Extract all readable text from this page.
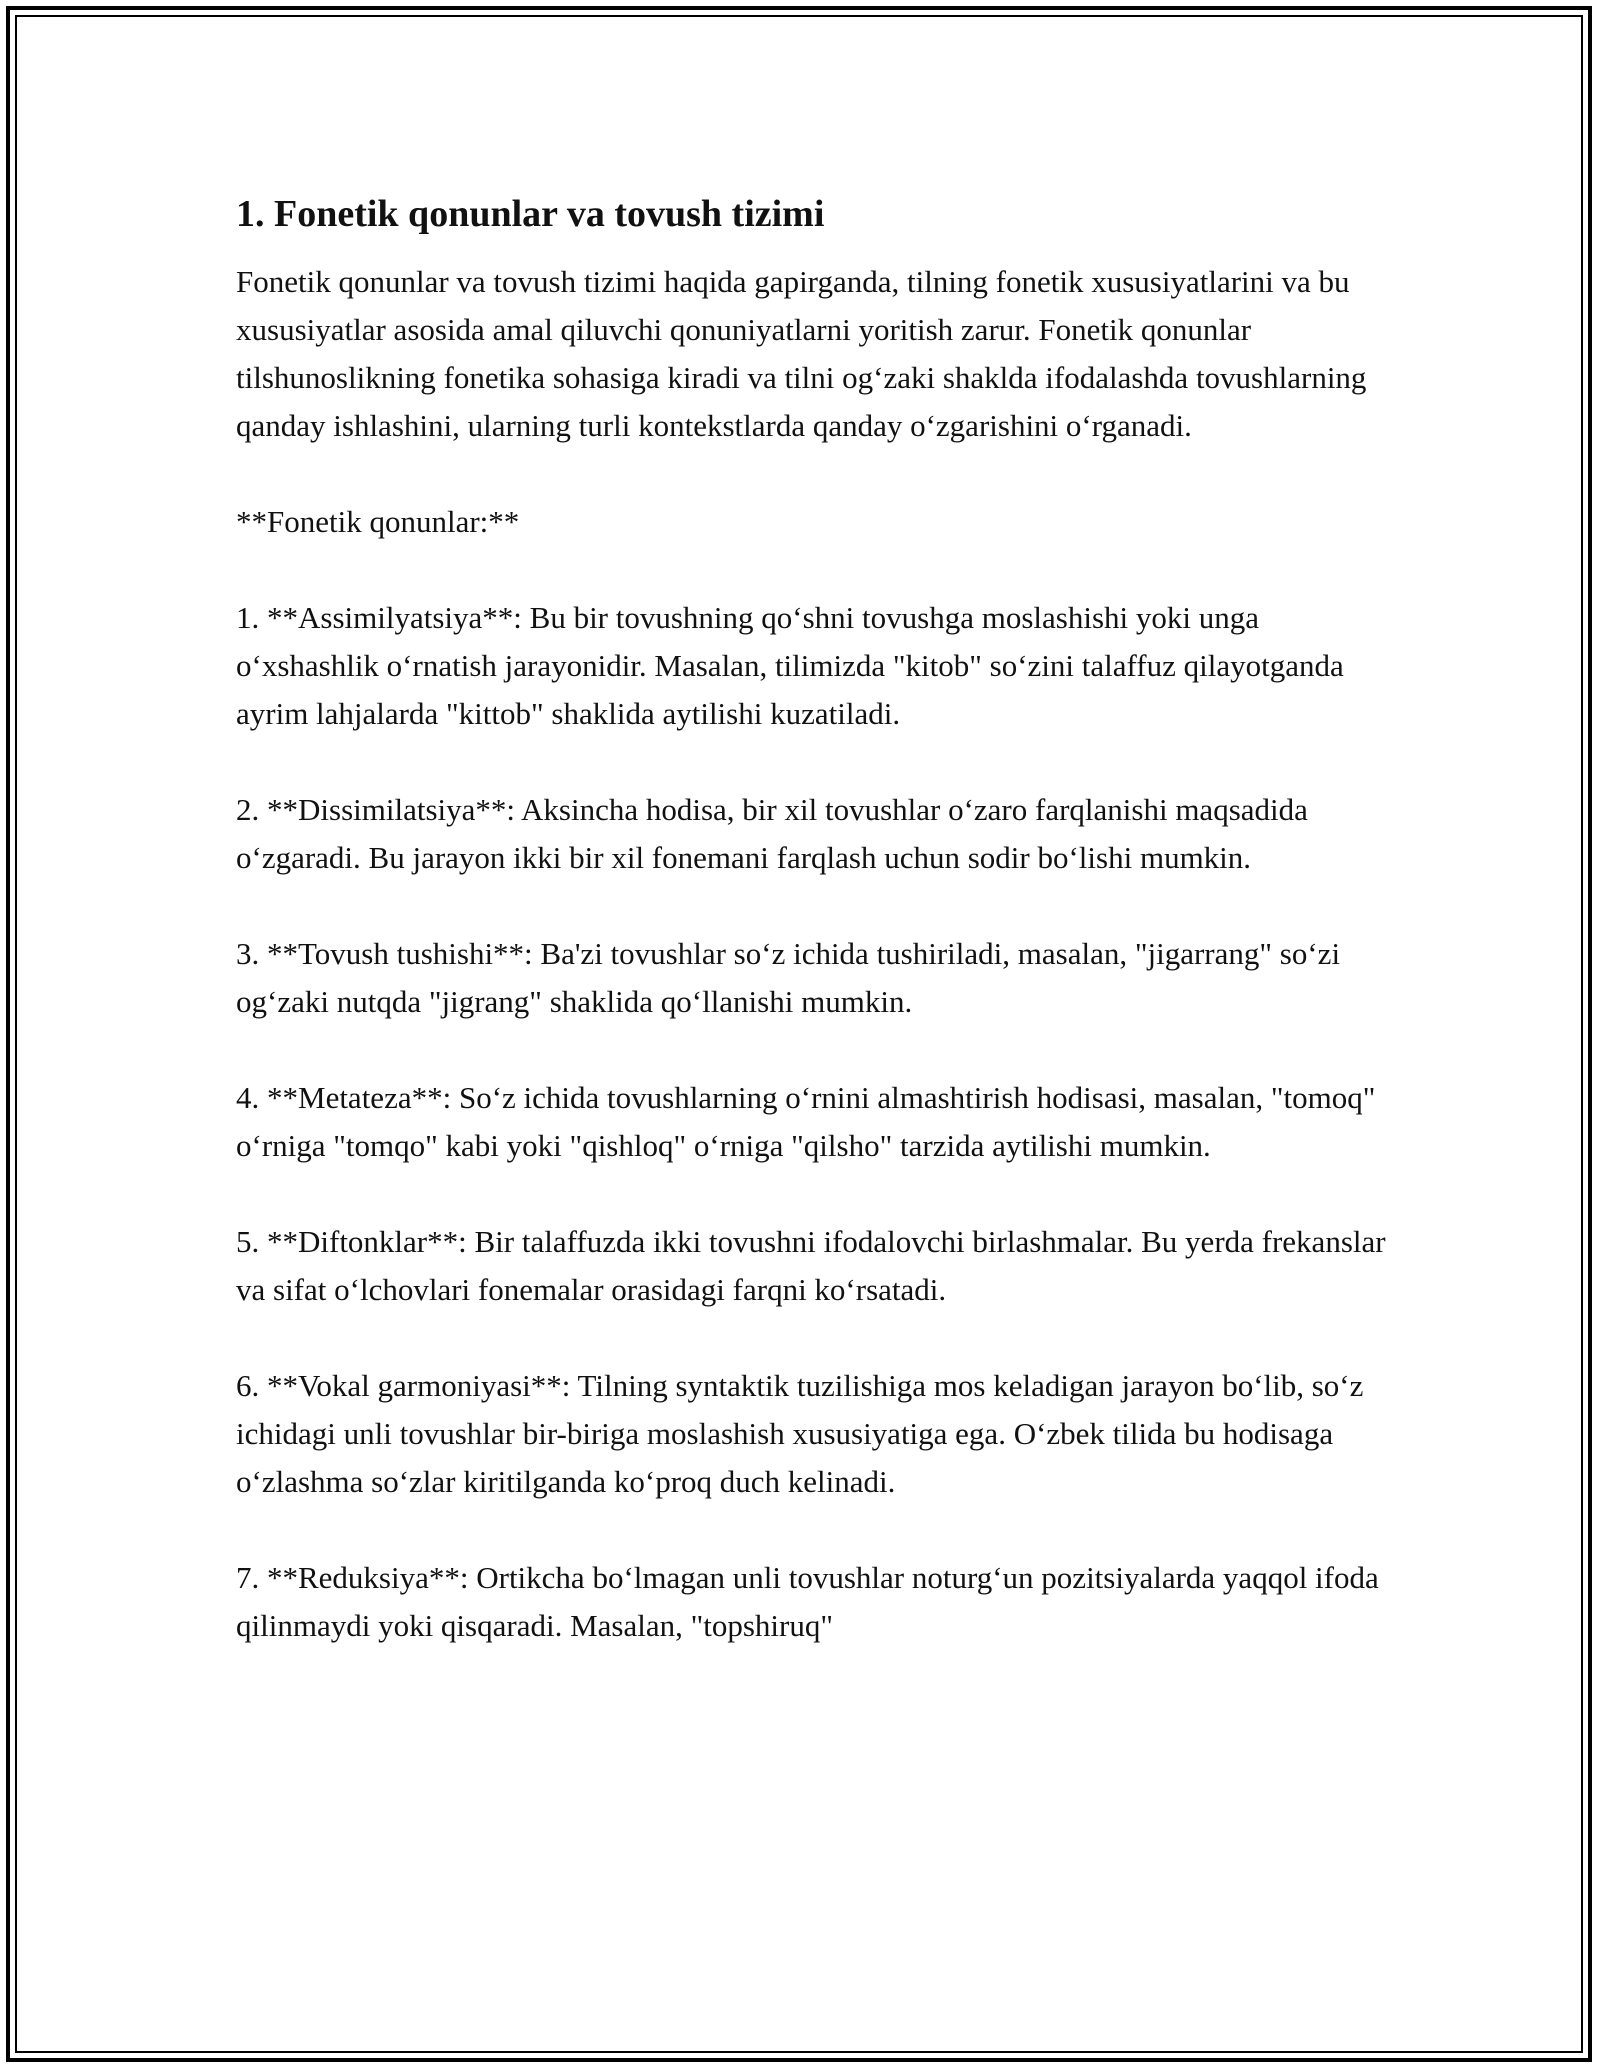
1. Fonetik qonunlar va tovush tizimi

Fonetik qonunlar va tovush tizimi haqida gapirganda, tilning fonetik xususiyatlarini va bu xususiyatlar asosida amal qiluvchi qonuniyatlarni yoritish zarur. Fonetik qonunlar tilshunoslikning fonetika sohasiga kiradi va tilni og‘zaki shaklda ifodalashda tovushlarning qanday ishlashini, ularning turli kontekstlarda qanday o‘zgarishini o‘rganadi.

**Fonetik qonunlar:**

1. **Assimilyatsiya**: Bu bir tovushning qo‘shni tovushga moslashishi yoki unga o‘xshashlik o‘rnatish jarayonidir. Masalan, tilimizda "kitob" so‘zini talaffuz qilayotganda ayrim lahjalarda "kittob" shaklida aytilishi kuzatiladi.

2. **Dissimilatsiya**: Aksincha hodisa, bir xil tovushlar o‘zaro farqlanishi maqsadida o‘zgaradi. Bu jarayon ikki bir xil fonemani farqlash uchun sodir bo‘lishi mumkin.

3. **Tovush tushishi**: Ba'zi tovushlar so‘z ichida tushiriladi, masalan, "jigarrang" so‘zi og‘zaki nutqda "jigrang" shaklida qo‘llanishi mumkin.

4. **Metateza**: So‘z ichida tovushlarning o‘rnini almashtirish hodisasi, masalan, "tomoq" o‘rniga "tomqo" kabi yoki "qishloq" o‘rniga "qilsho" tarzida aytilishi mumkin.

5. **Diftonklar**: Bir talaffuzda ikki tovushni ifodalovchi birlashmalar. Bu yerda frekanslar va sifat o‘lchovlari fonemalar orasidagi farqni ko‘rsatadi.

6. **Vokal garmoniyasi**: Tilning syntaktik tuzilishiga mos keladigan jarayon bo‘lib, so‘z ichidagi unli tovushlar bir-biriga moslashish xususiyatiga ega. O‘zbek tilida bu hodisaga o‘zlashma so‘zlar kiritilganda ko‘proq duch kelinadi.

7. **Reduksiya**: Ortikcha bo‘lmagan unli tovushlar noturg‘un pozitsiyalarda yaqqol ifoda qilinmaydi yoki qisqaradi. Masalan, "topshiruq"
